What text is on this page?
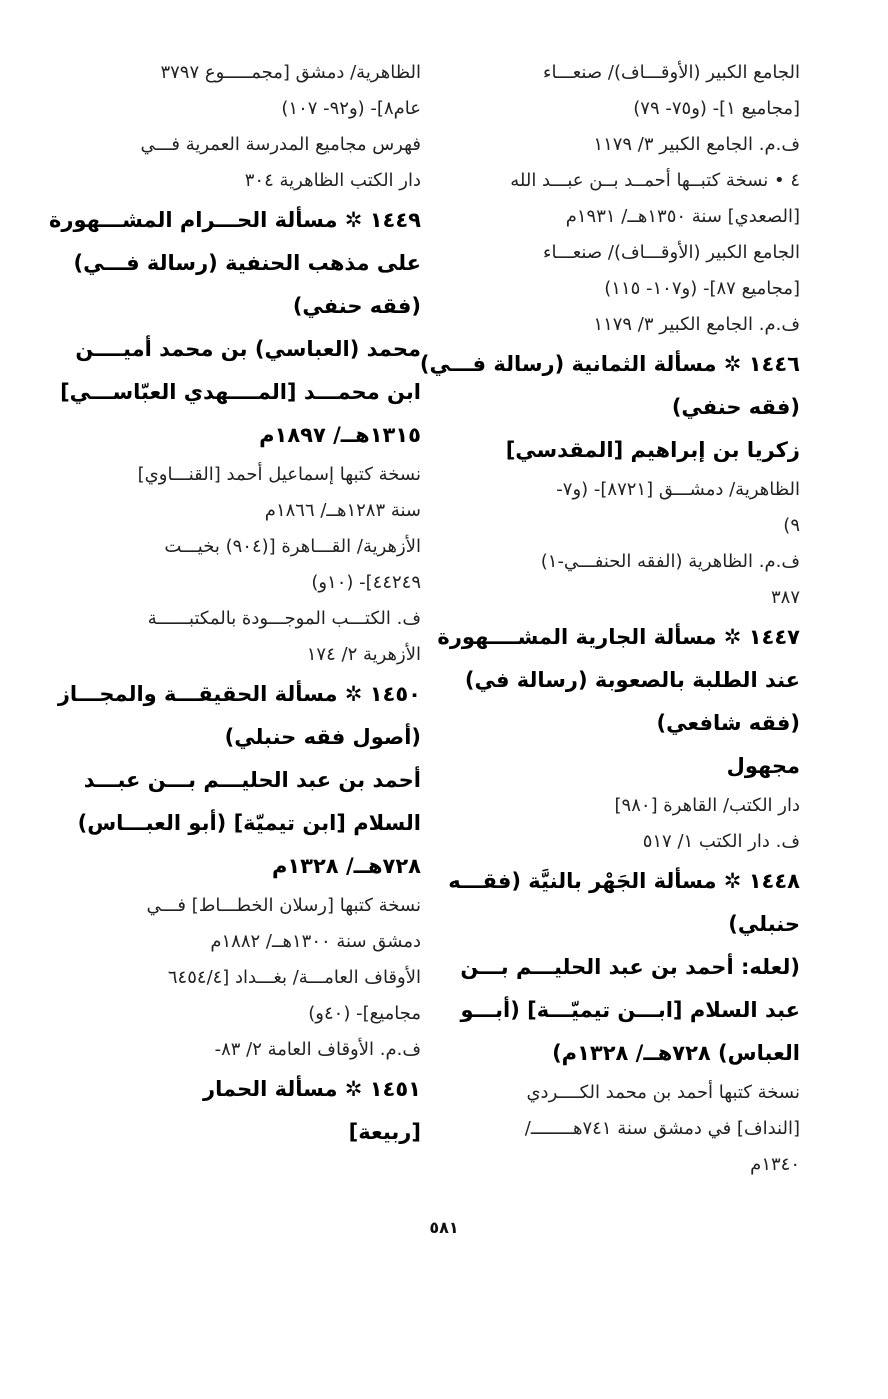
الجامع الكبير (الأوقـــاف)/ صنعـــاء
[مجاميع ١]- (و٧٥- ٧٩)
ف.م. الجامع الكبير ٣/ ١١٧٩
٤ • نسخة كتبــها أحمــد بــن عبـــد الله
[الصعدي] سنة ١٣٥٠هــ/ ١٩٣١م
الجامع الكبير (الأوقـــاف)/ صنعـــاء
[مجاميع ٨٧]- (و١٠٧- ١١٥)
ف.م. الجامع الكبير ٣/ ١١٧٩
١٤٤٦ ✲ مسألة الثمانية (رسالة فـــي)
(فقه حنفي)
زكريا بن إبراهيم [المقدسي]
الظاهرية/ دمشـــق [٨٧٢١]- (و٧-
٩)
ف.م. الظاهرية (الفقه الحنفـــي-١)
٣٨٧
١٤٤٧ ✲ مسألة الجارية المشــــهورة
عند الطلبة بالصعوبة (رسالة في)
(فقه شافعي)
مجهول
دار الكتب/ القاهرة [٩٨٠]
ف. دار الكتب ١/ ٥١٧
١٤٤٨ ✲ مسألة الجَهْر بالنيَّة (فقـــه
حنبلي)
(لعله: أحمد بن عبد الحليـــم بـــن
عبد السلام [ابـــن تيميّـــة] (أبـــو
العباس) ٧٢٨هــ/ ١٣٢٨م)
نسخة كتبها أحمد بن محمد الكــــردي
[النداف] في دمشق سنة ٧٤١هــــــــ/
١٣٤٠م
الظاهرية/ دمشق [مجمـــــوع ٣٧٩٧
عام٨]- (و٩٢- ١٠٧)
فهرس مجاميع المدرسة العمرية فـــي
دار الكتب الظاهرية ٣٠٤
١٤٤٩ ✲ مسألة الحـــرام المشـــهورة
على مذهب الحنفية (رسالة فـــي)
(فقه حنفي)
محمد (العباسي) بن محمد أميــــن
ابن محمـــد [المــــهدي العبّاســـي]
١٣١٥هــ/ ١٨٩٧م
نسخة كتبها إسماعيل أحمد [القنـــاوي]
سنة ١٢٨٣هــ/ ١٨٦٦م
الأزهرية/ القـــاهرة [(٩٠٤) بخيـــت
٤٤٢٤٩]- (١٠و)
ف. الكتـــب الموجـــودة بالمكتبــــــة
الأزهرية ٢/ ١٧٤
١٤٥٠ ✲ مسألة الحقيقـــة والمجـــاز
(أصول فقه حنبلي)
أحمد بن عبد الحليـــم بـــن عبـــد
السلام [ابن تيميّة] (أبو العبـــاس)
٧٢٨هــ/ ١٣٢٨م
نسخة كتبها [رسلان الخطـــاط] فـــي
دمشق سنة ١٣٠٠هــ/ ١٨٨٢م
الأوقاف العامـــة/ بغـــداد [٦٤٥٤/٤
مجاميع]- (٤٠و)
ف.م. الأوقاف العامة ٢/ ٨٣-
١٤٥١ ✲ مسألة الحمار
[ربيعة]
٥٨١
